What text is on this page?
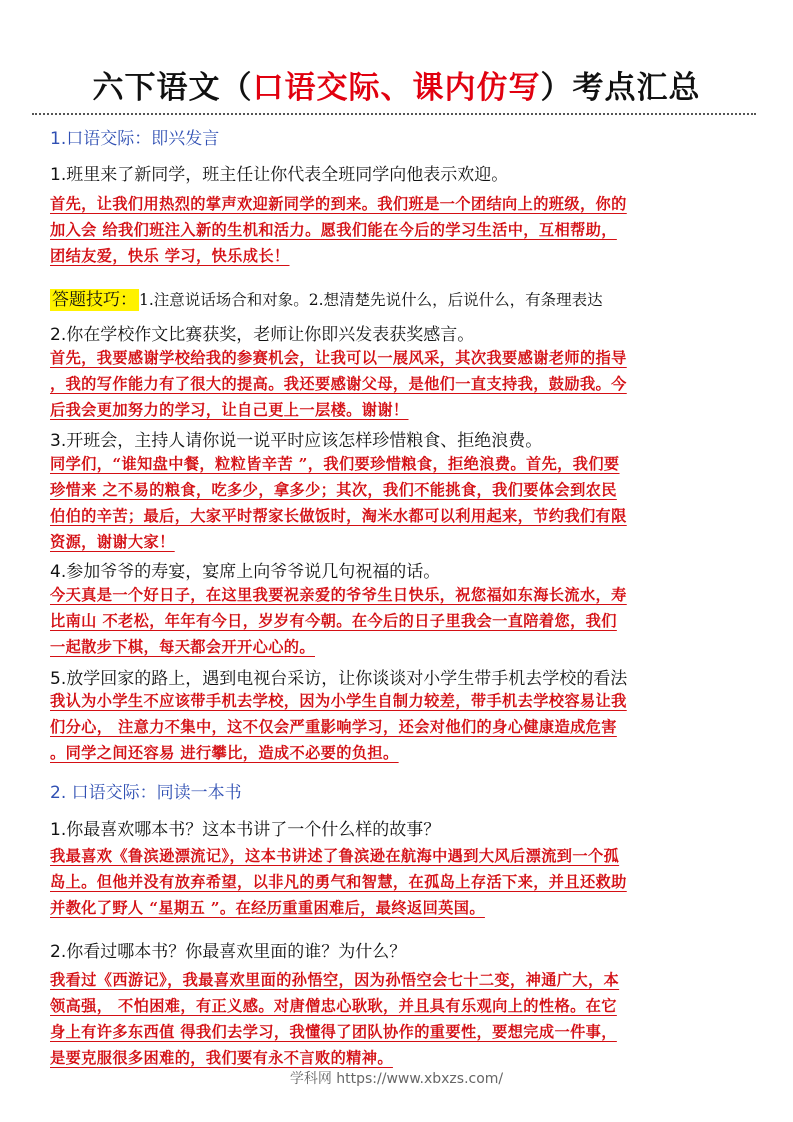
六下语文（口语交际、课内仿写）考点汇总
1.口语交际：即兴发言
1.班里来了新同学，班主任让你代表全班同学向他表示欢迎。
首先，让我们用热烈的掌声欢迎新同学的到来。我们班是一个团结向上的班级，你的
加入会 给我们班注入新的生机和活力。愿我们能在今后的学习生活中，互相帮助，
团结友爱，快乐 学习，快乐成长！
答题技巧： 1.注意说话场合和对象。2.想清楚先说什么，后说什么，有条理表达
2.你在学校作文比赛获奖，老师让你即兴发表获奖感言。
首先，我要感谢学校给我的参赛机会，让我可以一展风采，其次我要感谢老师的指导
，我的写作能力有了很大的提高。我还要感谢父母，是他们一直支持我，鼓励我。今
后我会更加努力的学习，让自己更上一层楼。谢谢！
3.开班会，主持人请你说一说平时应该怎样珍惜粮食、拒绝浪费。
同学们，“谁知盘中餐，粒粒皆辛苦 ”，我们要珍惜粮食，拒绝浪费。首先，我们要
珍惜来 之不易的粮食，吃多少，拿多少；其次，我们不能挑食，我们要体会到农民
伯伯的辛苦；最后，大家平时帮家长做饭时，淘米水都可以利用起来，节约我们有限
资源，谢谢大家！
4.参加爷爷的寿宴，宴席上向爷爷说几句祝福的话。
今天真是一个好日子，在这里我要祝亲爱的爷爷生日快乐，祝您福如东海长流水，寿
比南山 不老松，年年有今日，岁岁有今朝。在今后的日子里我会一直陪着您，我们
一起散步下棋，每天都会开开心心的。
5.放学回家的路上，遇到电视台采访，让你谈谈对小学生带手机去学校的看法
我认为小学生不应该带手机去学校，因为小学生自制力较差，带手机去学校容易让我
们分心， 注意力不集中，这不仅会严重影响学习，还会对他们的身心健康造成危害
。同学之间还容易 进行攀比，造成不必要的负担。
2. 口语交际：同读一本书
1.你最喜欢哪本书？这本书讲了一个什么样的故事？
我最喜欢《鲁滨逊漂流记》，这本书讲述了鲁滨逊在航海中遇到大风后漂流到一个孤
岛上。但他并没有放弃希望，以非凡的勇气和智慧，在孤岛上存活下来，并且还救助
并教化了野人 “星期五 ”。在经历重重困难后，最终返回英国。
2.你看过哪本书？你最喜欢里面的谁？为什么？
我看过《西游记》，我最喜欢里面的孙悟空，因为孙悟空会七十二变，神通广大，本
领高强， 不怕困难，有正义感。对唐僧忠心耿耿，并且具有乐观向上的性格。在它
身上有许多东西值 得我们去学习，我懂得了团队协作的重要性，要想完成一件事，
是要克服很多困难的，我们要有永不言败的精神。
学科网 https://www.xbxzs.com/
